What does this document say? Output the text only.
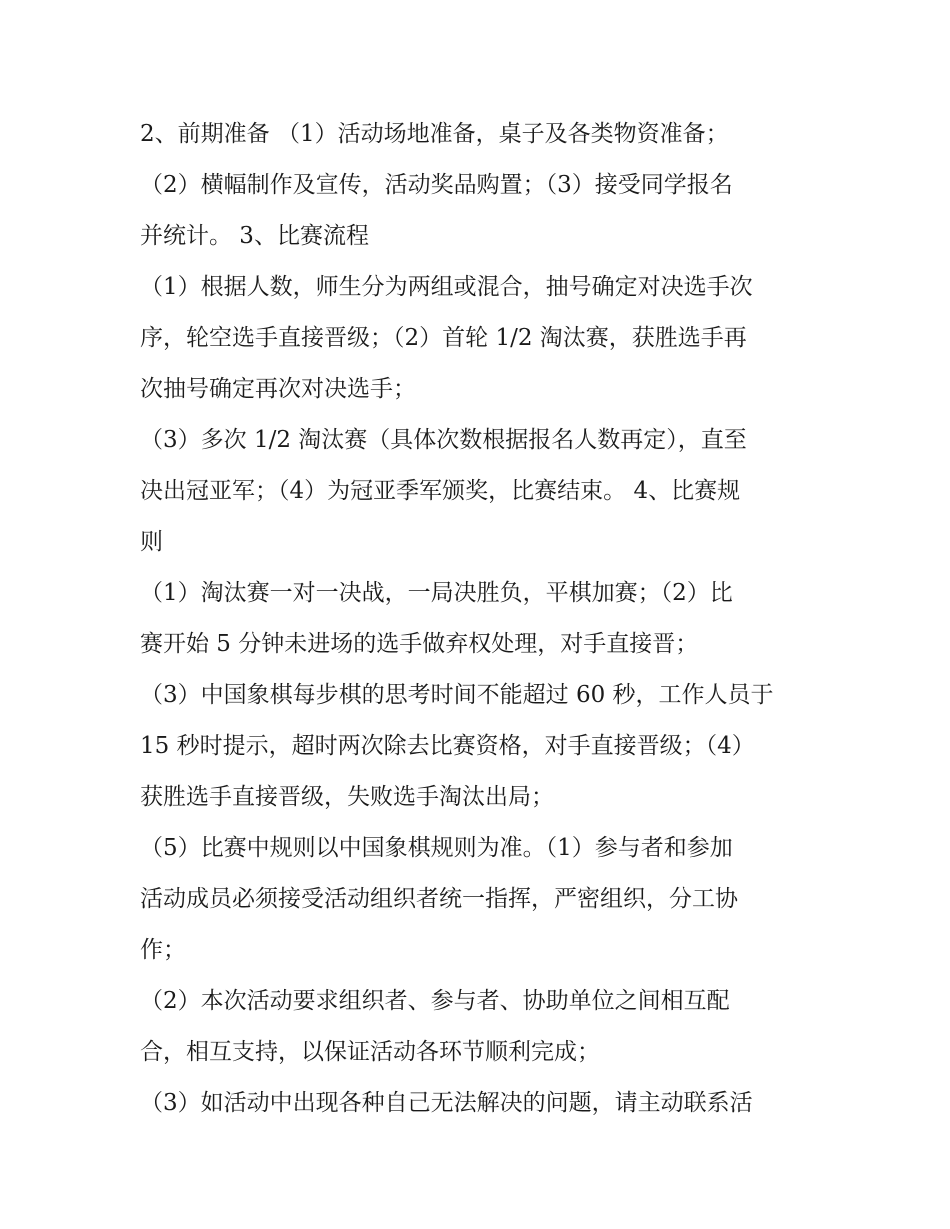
2、前期准备 （1）活动场地准备，桌子及各类物资准备；
（2）横幅制作及宣传，活动奖品购置；（3）接受同学报名
并统计。 3、比赛流程
（1）根据人数，师生分为两组或混合，抽号确定对决选手次
序，轮空选手直接晋级；（2）首轮 1/2 淘汰赛，获胜选手再
次抽号确定再次对决选手；
（3）多次 1/2 淘汰赛（具体次数根据报名人数再定），直至
决出冠亚军；（4）为冠亚季军颁奖，比赛结束。 4、比赛规
则
（1）淘汰赛一对一决战，一局决胜负，平棋加赛；（2）比
赛开始 5 分钟未进场的选手做弃权处理，对手直接晋；
（3）中国象棋每步棋的思考时间不能超过 60 秒，工作人员于
15 秒时提示，超时两次除去比赛资格，对手直接晋级；（4）
获胜选手直接晋级，失败选手淘汰出局；
（5）比赛中规则以中国象棋规则为准。（1）参与者和参加
活动成员必须接受活动组织者统一指挥，严密组织，分工协
作；
（2）本次活动要求组织者、参与者、协助单位之间相互配
合，相互支持，以保证活动各环节顺利完成；
（3）如活动中出现各种自己无法解决的问题，请主动联系活
